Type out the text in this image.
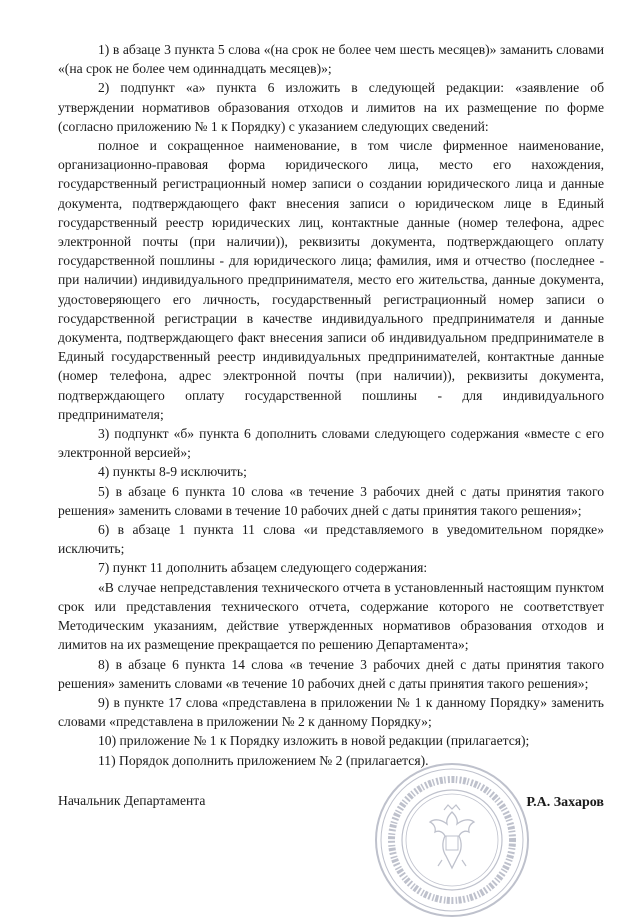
1) в абзаце 3 пункта 5 слова «(на срок не более чем шесть месяцев)» заманить словами «(на срок не более чем одиннадцать месяцев)»;

2) подпункт «а» пункта 6 изложить в следующей редакции: «заявление об утверждении нормативов образования отходов и лимитов на их размещение по форме (согласно приложению № 1 к Порядку) с указанием следующих сведений:

полное и сокращенное наименование, в том числе фирменное наименование, организационно-правовая форма юридического лица, место его нахождения, государственный регистрационный номер записи о создании юридического лица и данные документа, подтверждающего факт внесения записи о юридическом лице в Единый государственный реестр юридических лиц, контактные данные (номер телефона, адрес электронной почты (при наличии)), реквизиты документа, подтверждающего оплату государственной пошлины - для юридического лица; фамилия, имя и отчество (последнее - при наличии) индивидуального предпринимателя, место его жительства, данные документа, удостоверяющего его личность, государственный регистрационный номер записи о государственной регистрации в качестве индивидуального предпринимателя и данные документа, подтверждающего факт внесения записи об индивидуальном предпринимателе в Единый государственный реестр индивидуальных предпринимателей, контактные данные (номер телефона, адрес электронной почты (при наличии)), реквизиты документа, подтверждающего оплату государственной пошлины - для индивидуального предпринимателя;

3) подпункт «б» пункта 6 дополнить словами следующего содержания «вместе с его электронной версией»;

4) пункты 8-9 исключить;

5) в абзаце 6 пункта 10 слова «в течение 3 рабочих дней с даты принятия такого решения» заменить словами в течение 10 рабочих дней с даты принятия такого решения»;

6) в абзаце 1 пункта 11 слова «и представляемого в уведомительном порядке» исключить;

7) пункт 11 дополнить абзацем следующего содержания:

«В случае непредставления технического отчета в установленный настоящим пунктом срок или представления технического отчета, содержание которого не соответствует Методическим указаниям, действие утвержденных нормативов образования отходов и лимитов на их размещение прекращается по решению Департамента»;

8) в абзаце 6 пункта 14 слова «в течение 3 рабочих дней с даты принятия такого решения» заменить словами «в течение 10 рабочих дней с даты принятия такого решения»;

9) в пункте 17 слова «представлена в приложении № 1 к данному Порядку» заменить словами «представлена в приложении № 2 к данному Порядку»;

10) приложение № 1 к Порядку изложить в новой редакции (прилагается);

11) Порядок дополнить приложением № 2 (прилагается).

Начальник Департамента	Р.А. Захаров
